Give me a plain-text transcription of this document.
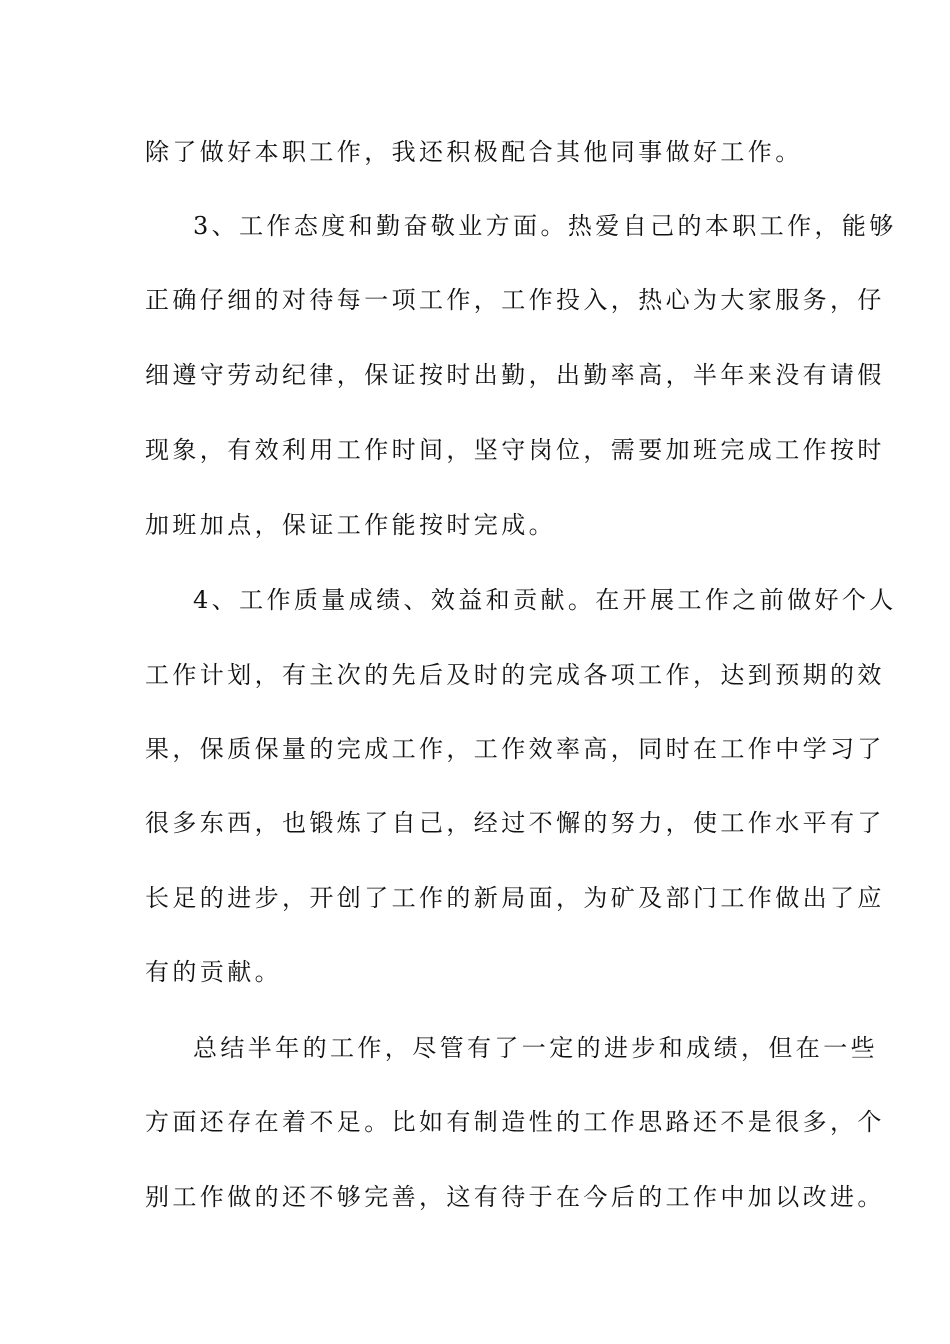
除了做好本职工作，我还积极配合其他同事做好工作。
3、工作态度和勤奋敬业方面。热爱自己的本职工作，能够
正确仔细的对待每一项工作，工作投入，热心为大家服务，仔
细遵守劳动纪律，保证按时出勤，出勤率高，半年来没有请假
现象，有效利用工作时间，坚守岗位，需要加班完成工作按时
加班加点，保证工作能按时完成。
4、工作质量成绩、效益和贡献。在开展工作之前做好个人
工作计划，有主次的先后及时的完成各项工作，达到预期的效
果，保质保量的完成工作，工作效率高，同时在工作中学习了
很多东西，也锻炼了自己，经过不懈的努力，使工作水平有了
长足的进步，开创了工作的新局面，为矿及部门工作做出了应
有的贡献。
总结半年的工作，尽管有了一定的进步和成绩，但在一些
方面还存在着不足。比如有制造性的工作思路还不是很多，个
别工作做的还不够完善，这有待于在今后的工作中加以改进。
